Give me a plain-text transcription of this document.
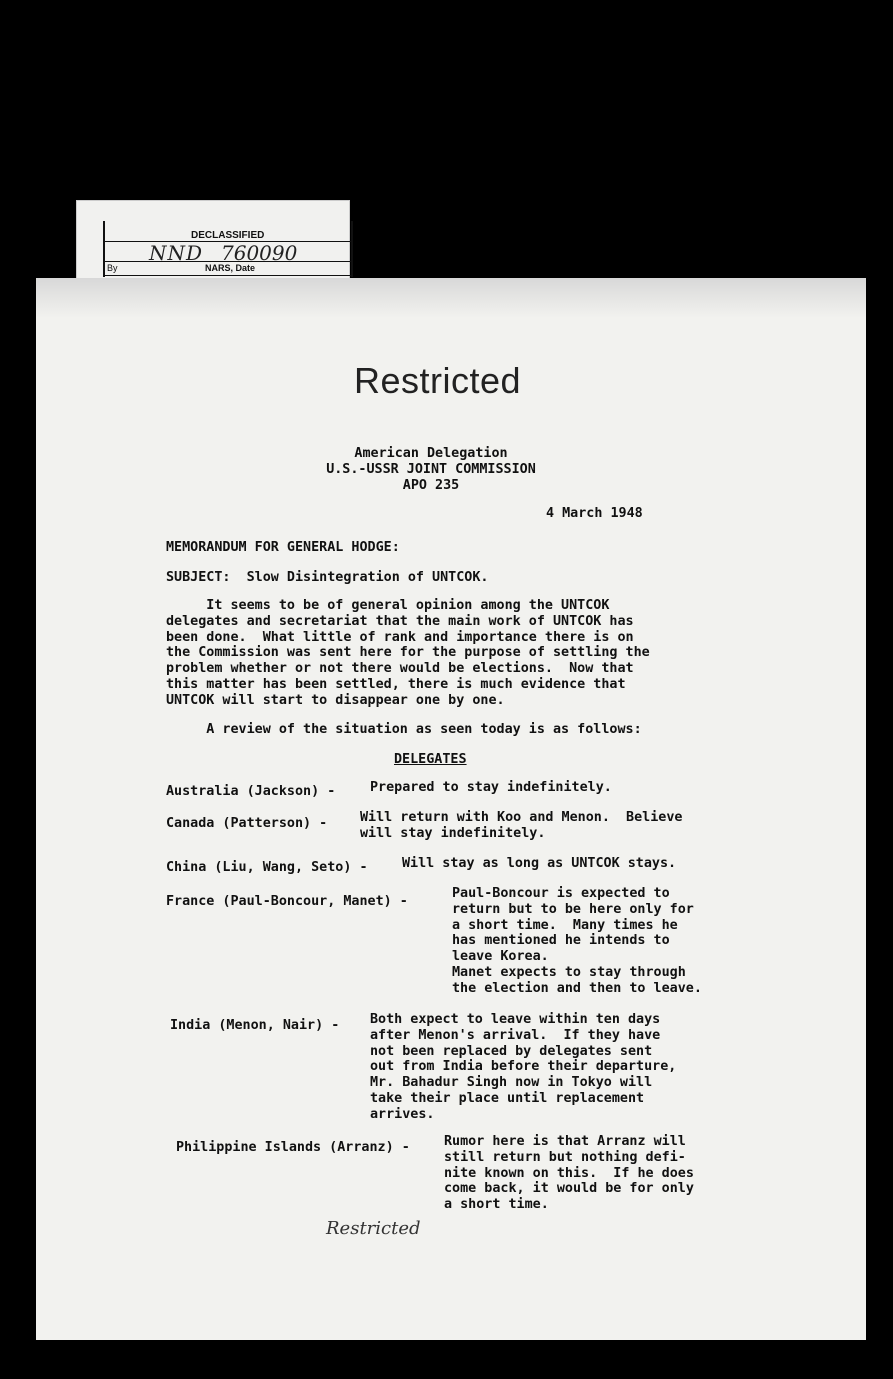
DECLASSIFIED
NND 760090
By	NARS, Date
Restricted
American Delegation
U.S.-USSR JOINT COMMISSION
APO 235
4 March 1948
MEMORANDUM FOR GENERAL HODGE:
SUBJECT:  Slow Disintegration of UNTCOK.
It seems to be of general opinion among the UNTCOK
delegates and secretariat that the main work of UNTCOK has
been done.  What little of rank and importance there is on
the Commission was sent here for the purpose of settling the
problem whether or not there would be elections.  Now that
this matter has been settled, there is much evidence that
UNTCOK will start to disappear one by one.
A review of the situation as seen today is as follows:
DELEGATES
Australia (Jackson) -	Prepared to stay indefinitely.
Canada (Patterson) - Will return with Koo and Menon.  Believe
will stay indefinitely.
China (Liu, Wang, Seto) -	Will stay as long as UNTCOK stays.
France (Paul-Boncour, Manet) -
Paul-Boncour is expected to
return but to be here only for
a short time.  Many times he
has mentioned he intends to
leave Korea.
Manet expects to stay through
the election and then to leave.
India (Menon, Nair) - Both expect to leave within ten days
after Menon's arrival.  If they have
not been replaced by delegates sent
out from India before their departure,
Mr. Bahadur Singh now in Tokyo will
take their place until replacement
arrives.
Philippine Islands (Arranz) -	Rumor here is that Arranz will
still return but nothing defi-
nite known on this.  If he does
come back, it would be for only
a short time.
Restricted
